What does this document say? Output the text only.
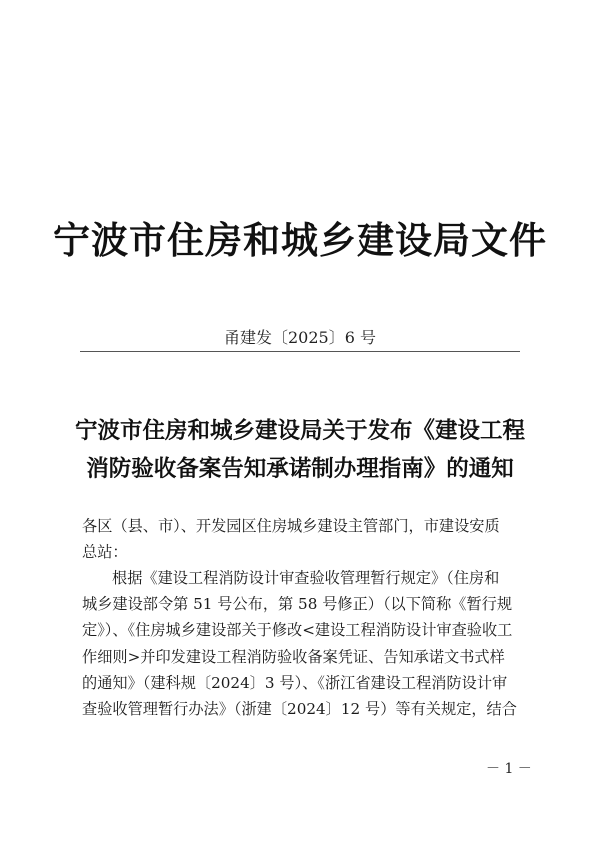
宁波市住房和城乡建设局文件
甬建发〔2025〕6 号
宁波市住房和城乡建设局关于发布《建设工程
消防验收备案告知承诺制办理指南》的通知
各区（县、市）、开发园区住房城乡建设主管部门，市建设安质
总站：
根据《建设工程消防设计审查验收管理暂行规定》（住房和
城乡建设部令第 51 号公布，第 58 号修正）（以下简称《暂行规
定》）、《住房城乡建设部关于修改<建设工程消防设计审查验收工
作细则>并印发建设工程消防验收备案凭证、告知承诺文书式样
的通知》（建科规〔2024〕3 号）、《浙江省建设工程消防设计审
查验收管理暂行办法》（浙建〔2024〕12 号）等有关规定，结合
－ 1 －
